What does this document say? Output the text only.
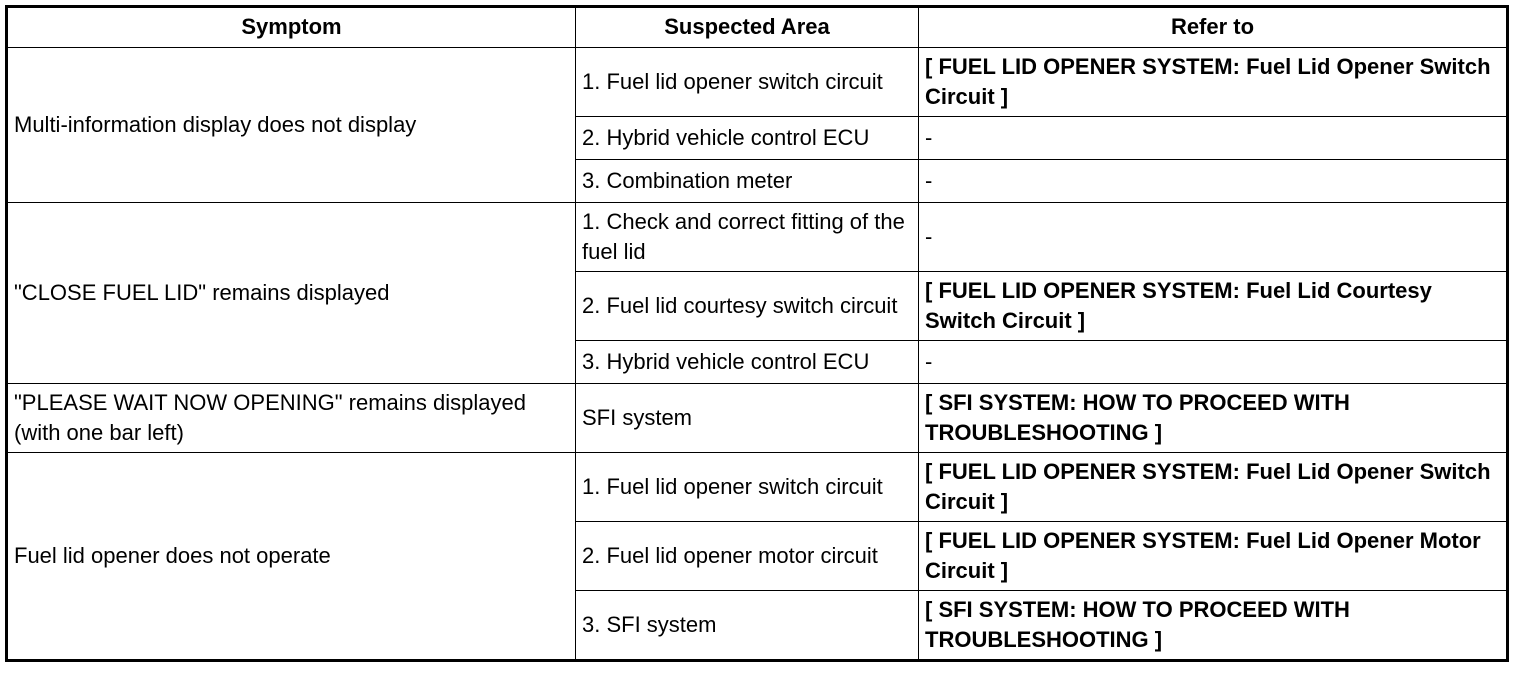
Symptom	Suspected Area	Refer to
Multi-information display does not display	1. Fuel lid opener switch circuit	[ FUEL LID OPENER SYSTEM: Fuel Lid Opener Switch Circuit ]
	2. Hybrid vehicle control ECU	-
	3. Combination meter	-
"CLOSE FUEL LID" remains displayed	1. Check and correct fitting of the fuel lid	-
	2. Fuel lid courtesy switch circuit	[ FUEL LID OPENER SYSTEM: Fuel Lid Courtesy Switch Circuit ]
	3. Hybrid vehicle control ECU	-
"PLEASE WAIT NOW OPENING" remains displayed (with one bar left)	SFI system	[ SFI SYSTEM: HOW TO PROCEED WITH TROUBLESHOOTING ]
Fuel lid opener does not operate	1. Fuel lid opener switch circuit	[ FUEL LID OPENER SYSTEM: Fuel Lid Opener Switch Circuit ]
	2. Fuel lid opener motor circuit	[ FUEL LID OPENER SYSTEM: Fuel Lid Opener Motor Circuit ]
	3. SFI system	[ SFI SYSTEM: HOW TO PROCEED WITH TROUBLESHOOTING ]
